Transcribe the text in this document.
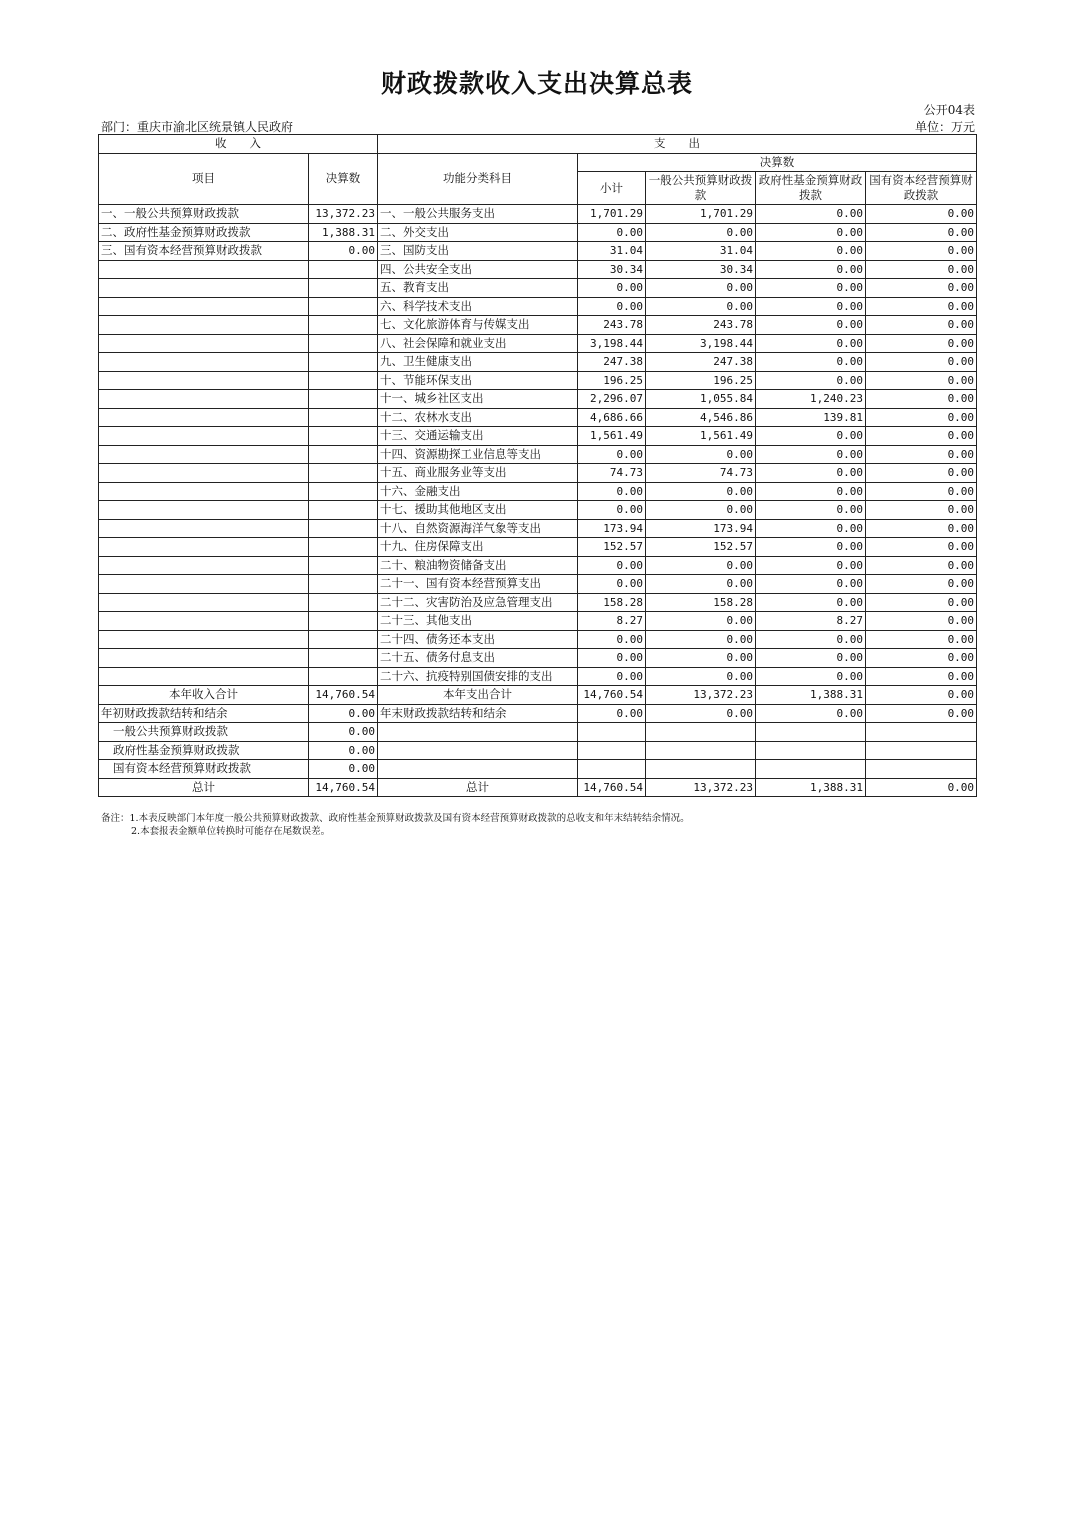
财政拨款收入支出决算总表
公开04表
部门：重庆市渝北区统景镇人民政府	单位：万元
收　　入		支　　出				
项目	决算数	功能分类科目	决算数			
			小计	一般公共预算财政拨款	政府性基金预算财政拨款	国有资本经营预算财政拨款
一、一般公共预算财政拨款	13,372.23	一、一般公共服务支出	1,701.29	1,701.29	0.00	0.00
二、政府性基金预算财政拨款	1,388.31	二、外交支出	0.00	0.00	0.00	0.00
三、国有资本经营预算财政拨款	0.00	三、国防支出	31.04	31.04	0.00	0.00
		四、公共安全支出	30.34	30.34	0.00	0.00
		五、教育支出	0.00	0.00	0.00	0.00
		六、科学技术支出	0.00	0.00	0.00	0.00
		七、文化旅游体育与传媒支出	243.78	243.78	0.00	0.00
		八、社会保障和就业支出	3,198.44	3,198.44	0.00	0.00
		九、卫生健康支出	247.38	247.38	0.00	0.00
		十、节能环保支出	196.25	196.25	0.00	0.00
		十一、城乡社区支出	2,296.07	1,055.84	1,240.23	0.00
		十二、农林水支出	4,686.66	4,546.86	139.81	0.00
		十三、交通运输支出	1,561.49	1,561.49	0.00	0.00
		十四、资源勘探工业信息等支出	0.00	0.00	0.00	0.00
		十五、商业服务业等支出	74.73	74.73	0.00	0.00
		十六、金融支出	0.00	0.00	0.00	0.00
		十七、援助其他地区支出	0.00	0.00	0.00	0.00
		十八、自然资源海洋气象等支出	173.94	173.94	0.00	0.00
		十九、住房保障支出	152.57	152.57	0.00	0.00
		二十、粮油物资储备支出	0.00	0.00	0.00	0.00
		二十一、国有资本经营预算支出	0.00	0.00	0.00	0.00
		二十二、灾害防治及应急管理支出	158.28	158.28	0.00	0.00
		二十三、其他支出	8.27	0.00	8.27	0.00
		二十四、债务还本支出	0.00	0.00	0.00	0.00
		二十五、债务付息支出	0.00	0.00	0.00	0.00
		二十六、抗疫特别国债安排的支出	0.00	0.00	0.00	0.00
本年收入合计	14,760.54	本年支出合计	14,760.54	13,372.23	1,388.31	0.00
年初财政拨款结转和结余	0.00	年末财政拨款结转和结余	0.00	0.00	0.00	0.00
一般公共预算财政拨款	0.00					
政府性基金预算财政拨款	0.00					
国有资本经营预算财政拨款	0.00					
总计	14,760.54	总计	14,760.54	13,372.23	1,388.31	0.00
备注：1.本表反映部门本年度一般公共预算财政拨款、政府性基金预算财政拨款及国有资本经营预算财政拨款的总收支和年末结转结余情况。
2.本套报表金额单位转换时可能存在尾数误差。
